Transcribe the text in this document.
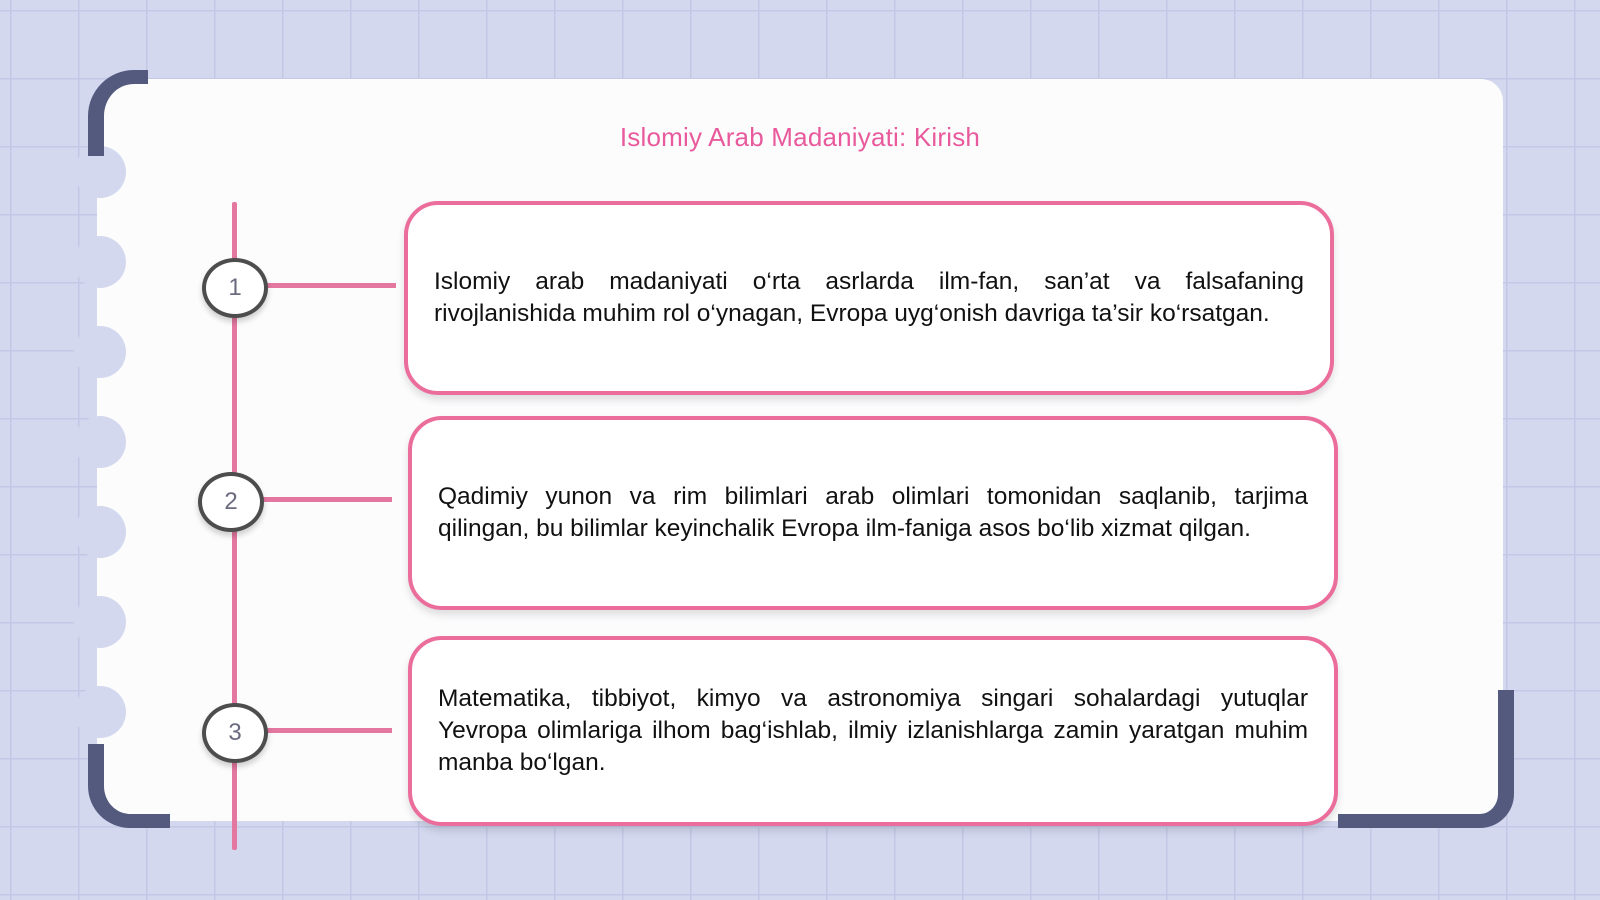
Islomiy Arab Madaniyati: Kirish
1
2
3
Islomiy arab madaniyati o‘rta asrlarda ilm-fan, san’at va falsafaning rivojlanishida muhim rol o‘ynagan, Evropa uyg‘onish davriga ta’sir ko‘rsatgan.
Qadimiy yunon va rim bilimlari arab olimlari tomonidan saqlanib, tarjima qilingan, bu bilimlar keyinchalik Evropa ilm-faniga asos bo‘lib xizmat qilgan.
Matematika, tibbiyot, kimyo va astronomiya singari sohalardagi yutuqlar Yevropa olimlariga ilhom bag‘ishlab, ilmiy izlanishlarga zamin yaratgan muhim manba bo‘lgan.
